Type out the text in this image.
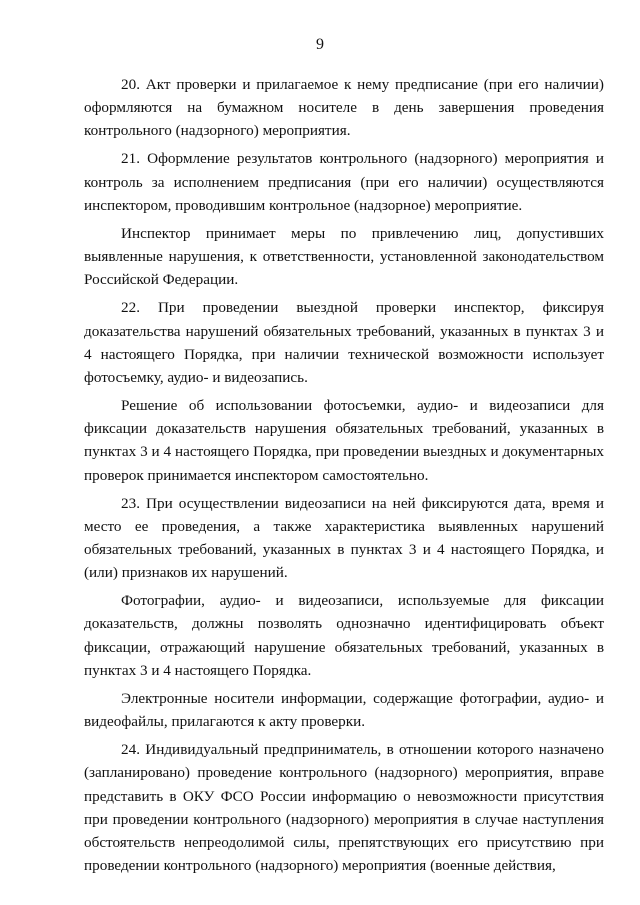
9

20. Акт проверки и прилагаемое к нему предписание (при его наличии) оформляются на бумажном носителе в день завершения проведения контрольного (надзорного) мероприятия.

21. Оформление результатов контрольного (надзорного) мероприятия и контроль за исполнением предписания (при его наличии) осуществляются инспектором, проводившим контрольное (надзорное) мероприятие.

Инспектор принимает меры по привлечению лиц, допустивших выявленные нарушения, к ответственности, установленной законодательством Российской Федерации.

22. При проведении выездной проверки инспектор, фиксируя доказательства нарушений обязательных требований, указанных в пунктах 3 и 4 настоящего Порядка, при наличии технической возможности использует фотосъемку, аудио- и видеозапись.

Решение об использовании фотосъемки, аудио- и видеозаписи для фиксации доказательств нарушения обязательных требований, указанных в пунктах 3 и 4 настоящего Порядка, при проведении выездных и документарных проверок принимается инспектором самостоятельно.

23. При осуществлении видеозаписи на ней фиксируются дата, время и место ее проведения, а также характеристика выявленных нарушений обязательных требований, указанных в пунктах 3 и 4 настоящего Порядка, и (или) признаков их нарушений.

Фотографии, аудио- и видеозаписи, используемые для фиксации доказательств, должны позволять однозначно идентифицировать объект фиксации, отражающий нарушение обязательных требований, указанных в пунктах 3 и 4 настоящего Порядка.

Электронные носители информации, содержащие фотографии, аудио- и видеофайлы, прилагаются к акту проверки.

24. Индивидуальный предприниматель, в отношении которого назначено (запланировано) проведение контрольного (надзорного) мероприятия, вправе представить в ОКУ ФСО России информацию о невозможности присутствия при проведении контрольного (надзорного) мероприятия в случае наступления обстоятельств непреодолимой силы, препятствующих его присутствию при проведении контрольного (надзорного) мероприятия (военные действия,
